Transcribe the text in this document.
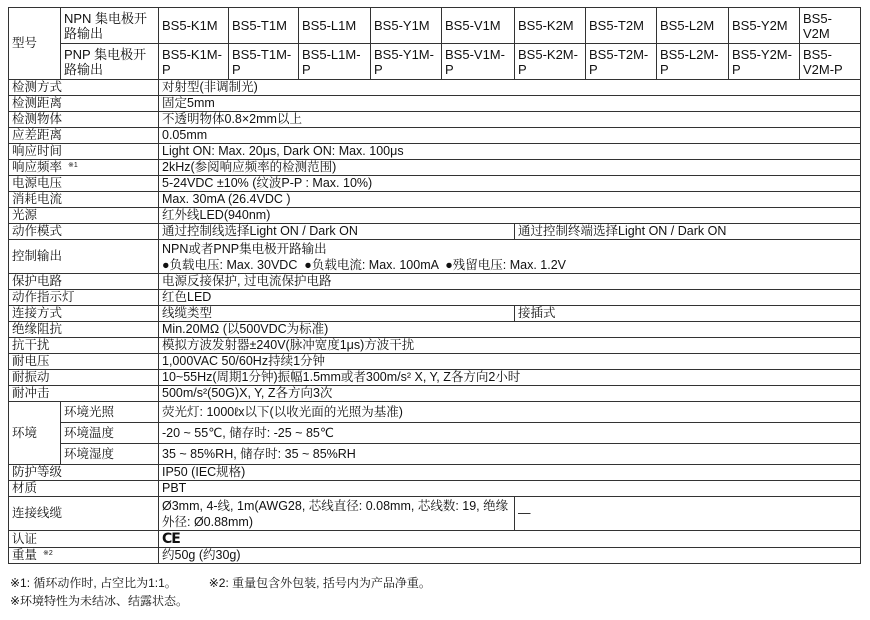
型号	NPN 集电极开路输出	BS5-K1M	BS5-T1M	BS5-L1M	BS5-Y1M	BS5-V1M	BS5-K2M	BS5-T2M	BS5-L2M	BS5-Y2M	BS5-V2M
	PNP 集电极开路输出	BS5-K1M-P	BS5-T1M-P	BS5-L1M-P	BS5-Y1M-P	BS5-V1M-P	BS5-K2M-P	BS5-T2M-P	BS5-L2M-P	BS5-Y2M-P	BS5-V2M-P
检测方式		对射型(非调制光)									
检测距离		固定5mm									
检测物体		不透明物体0.8×2mm以上									
应差距离		0.05mm									
响应时间		Light ON: Max. 20μs, Dark ON: Max. 100μs									
响应频率 $^{※1}$		2kHz(参阅响应频率的检测范围)									
电源电压		5-24VDC ±10% (纹波P-P : Max. 10%)									
消耗电流		Max. 30mA (26.4VDC )									
光源		红外线LED(940nm)									
动作模式		通过控制线选择Light ON / Dark ON					通过控制终端选择Light ON / Dark ON				
控制输出		NPN或者PNP集电极开路输出
●负载电压: Max. 30VDC  ●负载电流: Max. 100mA  ●残留电压: Max. 1.2V									

保护电路		电源反接保护, 过电流保护电路									
动作指示灯		红色LED									
连接方式		线缆类型					接插式				
绝缘阻抗		Min.20MΩ (以500VDC为标准)									
抗干扰		模拟方波发射器±240V(脉冲宽度1μs)方波干扰									
耐电压		1,000VAC 50/60Hz持续1分钟									
耐振动		10~55Hz(周期1分钟)振幅1.5mm或者300m/s² X, Y, Z各方向2小时									
耐冲击		500m/s²(50G)X, Y, Z各方向3次									
环境	环境光照	荧光灯: 1000ℓx以下(以收光面的光照为基准)									
	环境温度	-20 ~ 55℃, 储存时: -25 ~ 85℃									
	环境湿度	35 ~ 85%RH, 储存时: 35 ~ 85%RH									
防护等级		IP50 (IEC规格)									
材质		PBT									
连接线缆		Ø3mm, 4-线, 1m(AWG28, 芯线直径: 0.08mm, 芯线数: 19, 绝缘外径: Ø0.88mm)					—				
认证		CE									
重量 $^{※2}$		约50g (约30g)									
※1: 循环动作时, 占空比为1:1。	※2: 重量包含外包装, 括号内为产品净重。
※环境特性为未结冰、结露状态。
